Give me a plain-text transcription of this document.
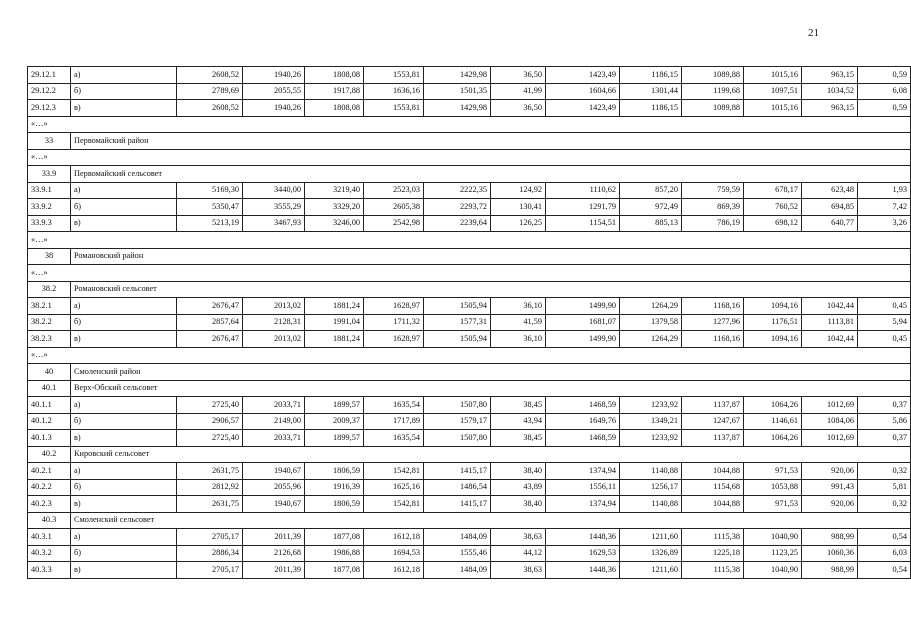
21
29.12.1	а)	2608,52	1940,26	1808,08	1553,81	1429,98	36,50	1423,49	1186,15	1089,88	1015,16	963,15	0,59
29.12.2	б)	2789,69	2055,55	1917,88	1636,16	1501,35	41,99	1604,66	1301,44	1199,68	1097,51	1034,52	6,08
29.12.3	в)	2608,52	1940,26	1808,08	1553,81	1429,98	36,50	1423,49	1186,15	1089,88	1015,16	963,15	0,59
«…»													
33	Первомайский район												
«…»													
33.9	Первомайский сельсовет												
33.9.1	а)	5169,30	3440,00	3219,40	2523,03	2222,35	124,92	1110,62	857,20	759,59	678,17	623,48	1,93
33.9.2	б)	5350,47	3555,29	3329,20	2605,38	2293,72	130,41	1291,79	972,49	869,39	760,52	694,85	7,42
33.9.3	в)	5213,19	3467,93	3246,00	2542,98	2239,64	126,25	1154,51	885,13	786,19	698,12	640,77	3,26
«…»													
38	Романовский район												
«…»													
38.2	Романовский сельсовет												
38.2.1	а)	2676,47	2013,02	1881,24	1628,97	1505,94	36,10	1499,90	1264,29	1168,16	1094,16	1042,44	0,45
38.2.2	б)	2857,64	2128,31	1991,04	1711,32	1577,31	41,59	1681,07	1379,58	1277,96	1176,51	1113,81	5,94
38.2.3	в)	2676,47	2013,02	1881,24	1628,97	1505,94	36,10	1499,90	1264,29	1168,16	1094,16	1042,44	0,45
«…»													
40	Смоленский район												
40.1	Верх-Обский сельсовет												
40.1.1	а)	2725,40	2033,71	1899,57	1635,54	1507,80	38,45	1468,59	1233,92	1137,87	1064,26	1012,69	0,37
40.1.2	б)	2906,57	2149,00	2009,37	1717,89	1579,17	43,94	1649,76	1349,21	1247,67	1146,61	1084,06	5,86
40.1.3	в)	2725,40	2033,71	1899,57	1635,54	1507,80	38,45	1468,59	1233,92	1137,87	1064,26	1012,69	0,37
40.2	Кировский сельсовет												
40.2.1	а)	2631,75	1940,67	1806,59	1542,81	1415,17	38,40	1374,94	1140,88	1044,88	971,53	920,06	0,32
40.2.2	б)	2812,92	2055,96	1916,39	1625,16	1486,54	43,89	1556,11	1256,17	1154,68	1053,88	991,43	5,81
40.2.3	в)	2631,75	1940,67	1806,59	1542,81	1415,17	38,40	1374,94	1140,88	1044,88	971,53	920,06	0,32
40.3	Смоленский сельсовет												
40.3.1	а)	2705,17	2011,39	1877,08	1612,18	1484,09	38,63	1448,36	1211,60	1115,38	1040,90	988,99	0,54
40.3.2	б)	2886,34	2126,68	1986,88	1694,53	1555,46	44,12	1629,53	1326,89	1225,18	1123,25	1060,36	6,03
40.3.3	в)	2705,17	2011,39	1877,08	1612,18	1484,09	38,63	1448,36	1211,60	1115,38	1040,90	988,99	0,54
